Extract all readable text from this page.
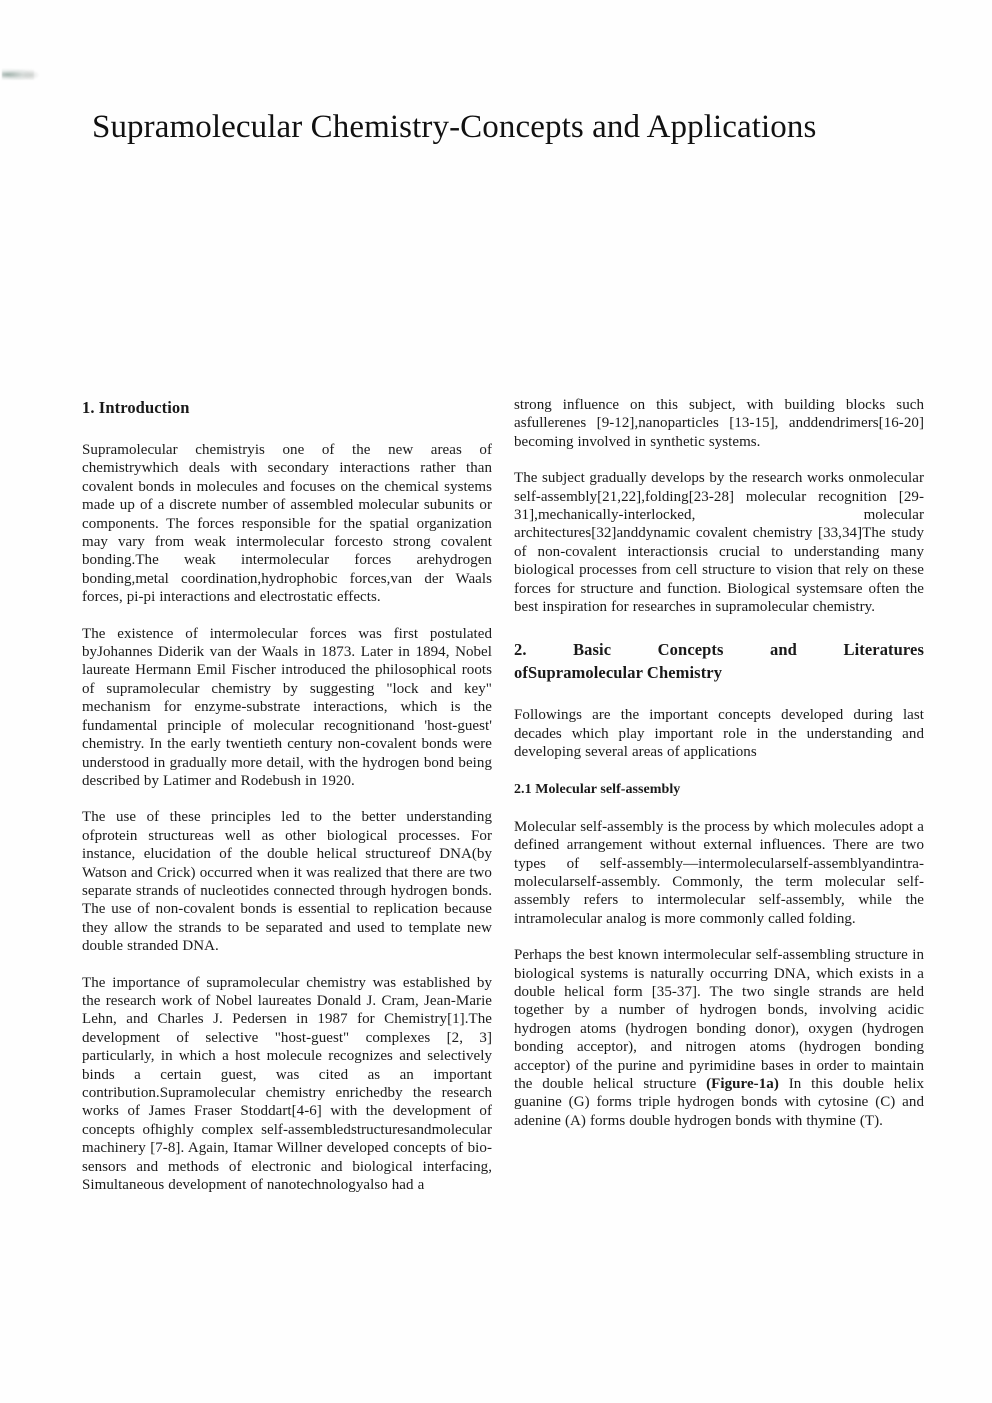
Supramolecular Chemistry-Concepts and Applications
1. Introduction

Supramolecular chemistryis one of the new areas of chemistrywhich deals with secondary interactions rather than covalent bonds in molecules and focuses on the chemical systems made up of a discrete number of assembled molecular subunits or components. The forces responsible for the spatial organization may vary from weak intermolecular forcesto strong covalent bonding.The weak intermolecular forces arehydrogen bonding,metal coordination,hydrophobic forces,van der Waals forces, pi-pi interactions and electrostatic effects.

The existence of intermolecular forces was first postulated byJohannes Diderik van der Waals in 1873. Later in 1894, Nobel laureate Hermann Emil Fischer introduced the philosophical roots of supramolecular chemistry by suggesting "lock and key" mechanism for enzyme-substrate interactions, which is the fundamental principle of molecular recognitionand 'host-guest' chemistry. In the early twentieth century non-covalent bonds were understood in gradually more detail, with the hydrogen bond being described by Latimer and Rodebush in 1920.

The use of these principles led to the better understanding ofprotein structureas well as other biological processes. For instance, elucidation of the double helical structureof DNA(by Watson and Crick) occurred when it was realized that there are two separate strands of nucleotides connected through hydrogen bonds. The use of non-covalent bonds is essential to replication because they allow the strands to be separated and used to template new double stranded DNA.

The importance of supramolecular chemistry was established by the research work of Nobel laureates Donald J. Cram, Jean-Marie Lehn, and Charles J. Pedersen in 1987 for Chemistry[1].The development of selective "host-guest" complexes [2, 3] particularly, in which a host molecule recognizes and selectively binds a certain guest, was cited as an important contribution.Supramolecular chemistry enrichedby the research works of James Fraser Stoddart[4-6] with the development of concepts ofhighly complex self-assembledstructuresandmolecular machinery [7-8]. Again, Itamar Willner developed concepts of bio-sensors and methods of electronic and biological interfacing, Simultaneous development of nanotechnologyalso had a

strong influence on this subject, with building blocks such asfullerenes [9-12],nanoparticles [13-15], anddendrimers[16-20] becoming involved in synthetic systems.

The subject gradually develops by the research works onmolecular self-assembly[21,22],folding[23-28] molecular recognition [29-31],mechanically-interlocked, molecular architectures[32]anddynamic covalent chemistry [33,34]The study of non-covalent interactionsis crucial to understanding many biological processes from cell structure to vision that rely on these forces for structure and function. Biological systemsare often the best inspiration for researches in supramolecular chemistry.

2. Basic Concepts and Literatures
ofSupramolecular Chemistry

Followings are the important concepts developed during last decades which play important role in the understanding and developing several areas of applications

2.1 Molecular self-assembly

Molecular self-assembly is the process by which molecules adopt a defined arrangement without external influences. There are two types of self-assembly—intermolecularself-assemblyandintra-molecularself-assembly. Commonly, the term molecular self-assembly refers to intermolecular self-assembly, while the intramolecular analog is more commonly called folding.

Perhaps the best known intermolecular self-assembling structure in biological systems is naturally occurring DNA, which exists in a double helical form [35-37]. The two single strands are held together by a number of hydrogen bonds, involving acidic hydrogen atoms (hydrogen bonding donor), oxygen (hydrogen bonding acceptor), and nitrogen atoms (hydrogen bonding acceptor) of the purine and pyrimidine bases in order to maintain the double helical structure (Figure-1a) In this double helix guanine (G) forms triple hydrogen bonds with cytosine (C) and adenine (A) forms double hydrogen bonds with thymine (T).
